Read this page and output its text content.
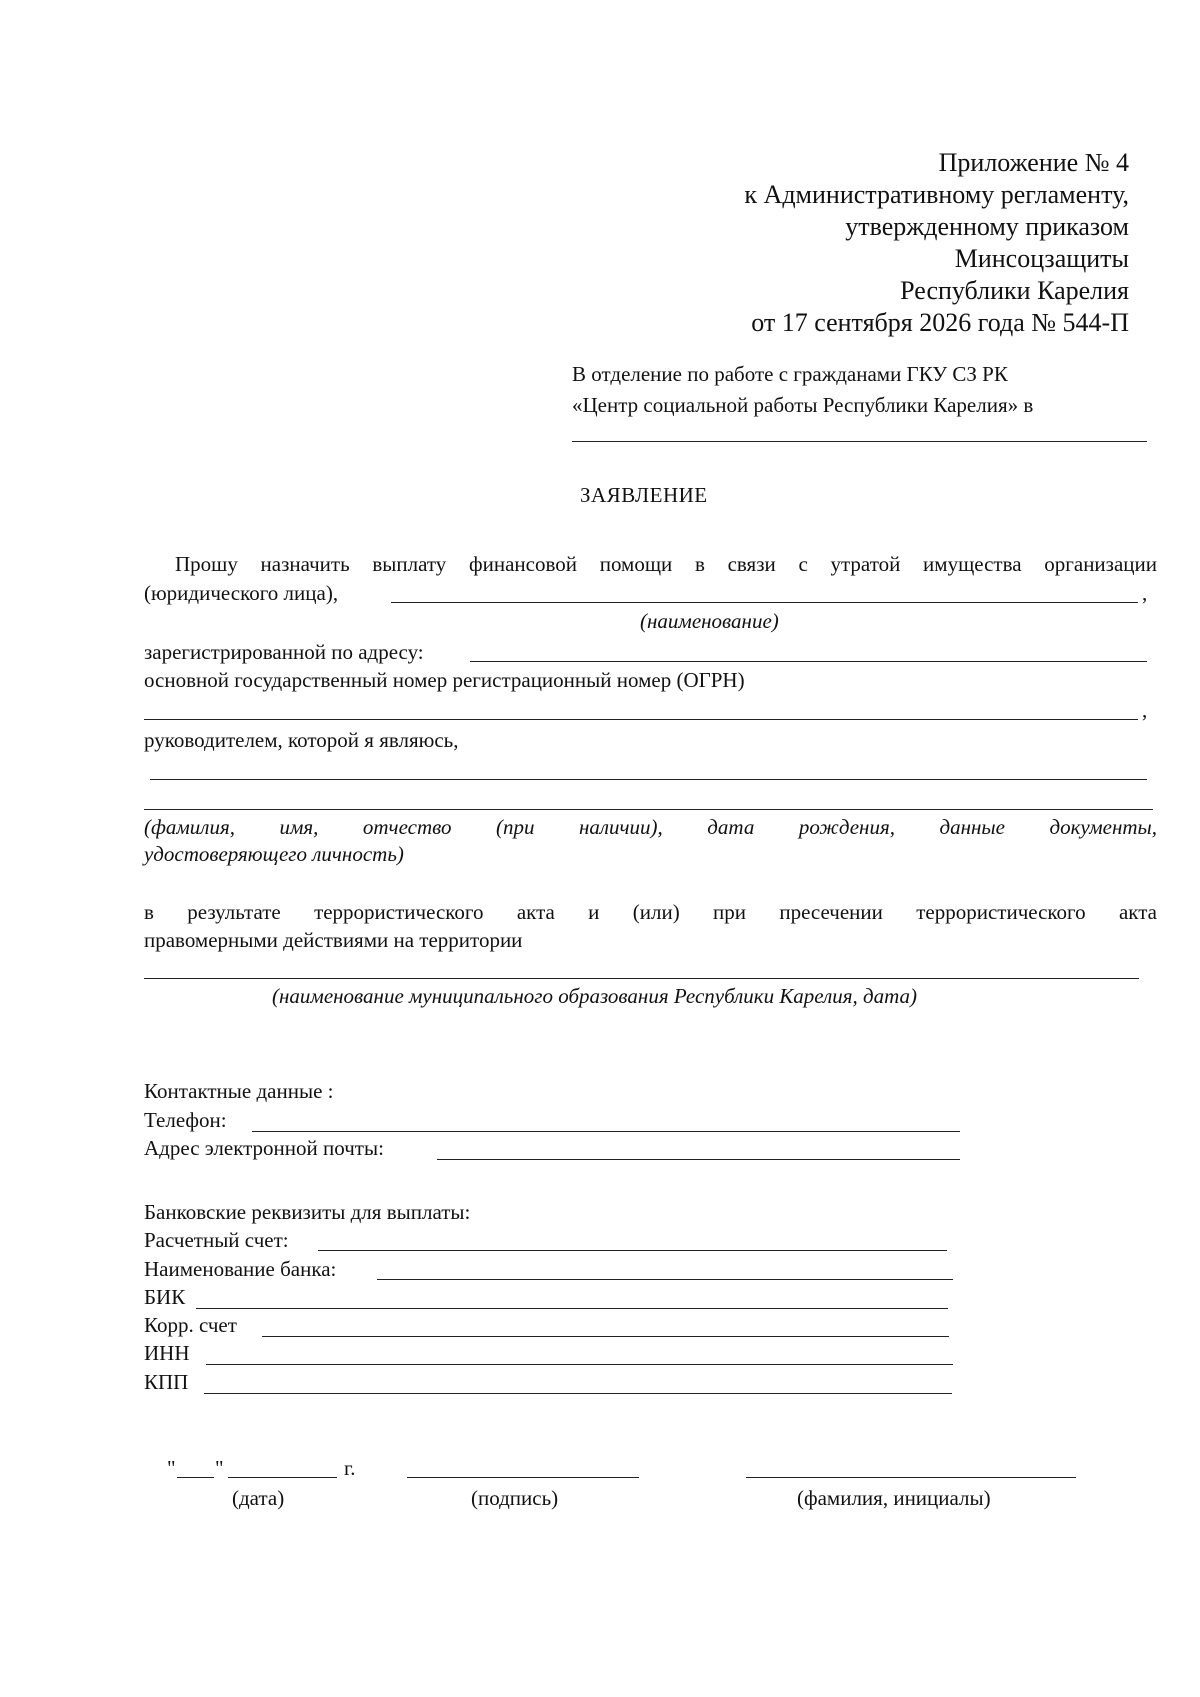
Приложение № 4
к Административному регламенту,
утвержденному приказом
Минсоцзащиты
Республики Карелия
от 17 сентября 2026 года № 544-П
В отделение по работе с гражданами ГКУ СЗ РК
«Центр социальной работы Республики Карелия» в
ЗАЯВЛЕНИЕ
Прошу назначить выплату финансовой помощи в связи с утратой имущества организации
(юридического лица),	,
(наименование)
зарегистрированной по адресу:
основной государственный номер регистрационный номер (ОГРН)
,
руководителем, которой я являюсь,
(фамилия, имя, отчество (при наличии), дата рождения, данные документы,
удостоверяющего личность)
в результате террористического акта и (или) при пресечении террористического акта
правомерными действиями на территории
(наименование муниципального образования Республики Карелия, дата)
Контактные данные :
Телефон:
Адрес электронной почты:
Банковские реквизиты для выплаты:
Расчетный счет:
Наименование банка:
БИК
Корр. счет
ИНН
КПП
" "	г.
(дата)	(подпись)	(фамилия, инициалы)
